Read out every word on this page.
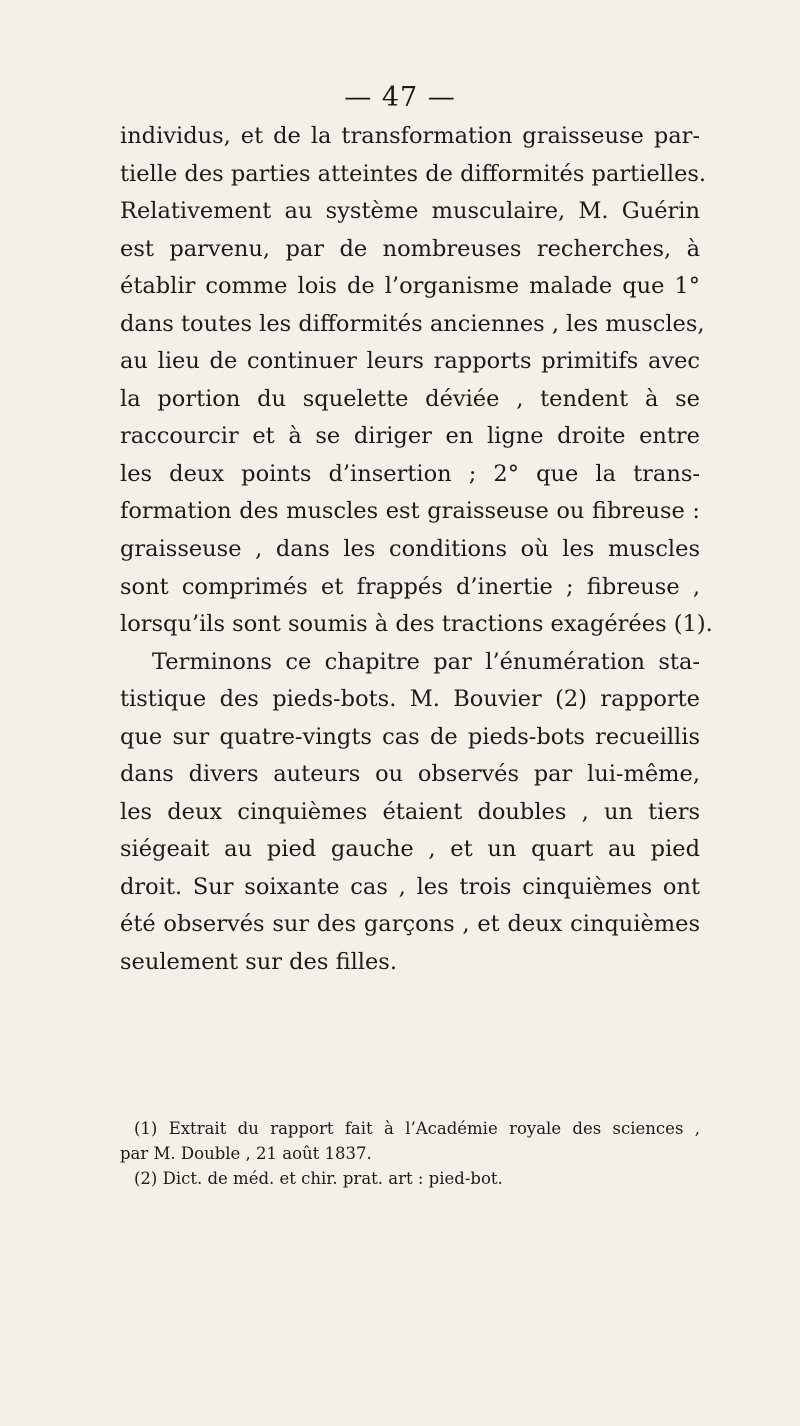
— 47 —
individus, et de la transformation graisseuse par-
tielle des parties atteintes de difformités partielles.
Relativement au système musculaire, M. Guérin
est parvenu, par de nombreuses recherches, à
établir comme lois de l’organisme malade que 1°
dans toutes les difformités anciennes , les muscles,
au lieu de continuer leurs rapports primitifs avec
la portion du squelette déviée , tendent à se
raccourcir et à se diriger en ligne droite entre
les deux points d’insertion ; 2° que la trans-
formation des muscles est graisseuse ou fibreuse :
graisseuse , dans les conditions où les muscles
sont comprimés et frappés d’inertie ; fibreuse ,
lorsqu’ils sont soumis à des tractions exagérées (1).
Terminons ce chapitre par l’énumération sta-
tistique des pieds-bots. M. Bouvier (2) rapporte
que sur quatre-vingts cas de pieds-bots recueillis
dans divers auteurs ou observés par lui-même,
les deux cinquièmes étaient doubles , un tiers
siégeait au pied gauche , et un quart au pied
droit. Sur soixante cas , les trois cinquièmes ont
été observés sur des garçons , et deux cinquièmes
seulement sur des filles.
(1) Extrait du rapport fait à l’Académie royale des sciences ,
par M. Double , 21 août 1837.
(2) Dict. de méd. et chir. prat. art : pied-bot.
